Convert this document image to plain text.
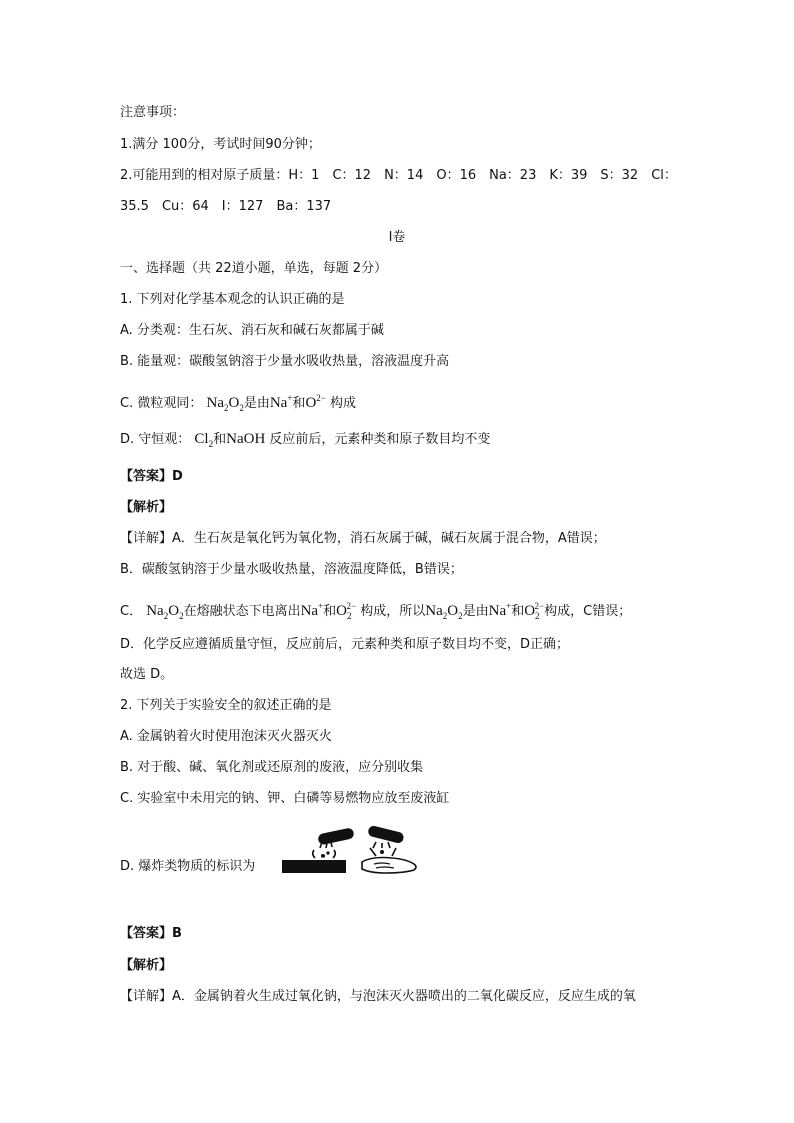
注意事项：
1.满分 100分，考试时间90分钟；
2.可能用到的相对原子质量：H：1　C：12　N：14　O：16　Na：23　K：39　S：32　Cl：
35.5　Cu：64　I：127　Ba：137
Ⅰ卷
一、选择题（共 22道小题，单选，每题 2分）
1. 下列对化学基本观念的认识正确的是
A. 分类观：生石灰、消石灰和碱石灰都属于碱
B. 能量观：碳酸氢钠溶于少量水吸收热量，溶液温度升高
C. 微粒观同： $Na_2O_2$是由Na+和$O^{2-}$ 构成
D. 守恒观： $Cl_2$和NaOH 反应前后，元素种类和原子数目均不变
【答案】D
【解析】
【详解】A．生石灰是氧化钙为氧化物，消石灰属于碱，碱石灰属于混合物，A错误；
B．碳酸氢钠溶于少量水吸收热量，溶液温度降低，B错误；
C． $Na_2O_2$在熔融状态下电离出Na+和$O_2^{2-}$ 构成，所以$Na_2O_2$是由Na+和$O_2^{2-}$构成，C错误；
D．化学反应遵循质量守恒，反应前后，元素种类和原子数目均不变，D正确；
故选 D。
2. 下列关于实验安全的叙述正确的是
A. 金属钠着火时使用泡沫灭火器灭火
B. 对于酸、碱、氧化剂或还原剂的废液，应分别收集
C. 实验室中未用完的钠、钾、白磷等易燃物应放至废液缸
D. 爆炸类物质的标识为
【答案】B
【解析】
【详解】A．金属钠着火生成过氧化钠，与泡沫灭火器喷出的二氧化碳反应，反应生成的氧
